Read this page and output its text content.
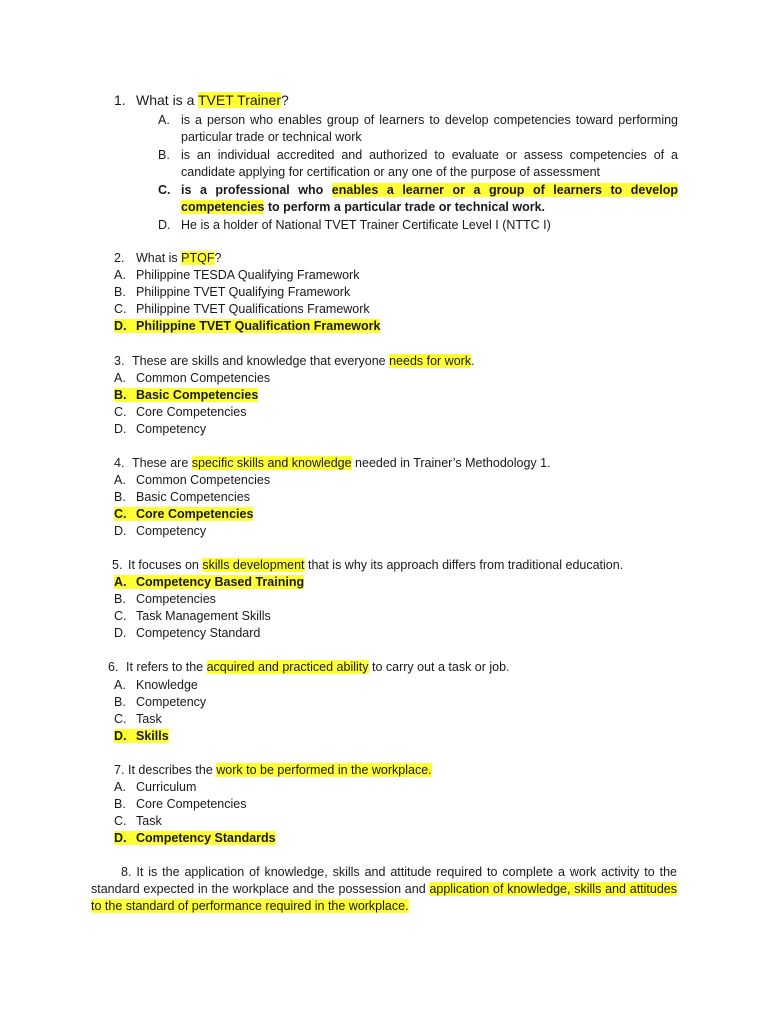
1. What is a TVET Trainer?
A. is a person who enables group of learners to develop competencies toward performing particular trade or technical work
B. is an individual accredited and authorized to evaluate or assess competencies of a candidate applying for certification or any one of the purpose of assessment
C. is a professional who enables a learner or a group of learners to develop competencies to perform a particular trade or technical work.
D. He is a holder of National TVET Trainer Certificate Level I (NTTC I)
2. What is PTQF?
A. Philippine TESDA Qualifying Framework
B. Philippine TVET Qualifying Framework
C. Philippine TVET Qualifications Framework
D. Philippine TVET Qualification Framework
3. These are skills and knowledge that everyone needs for work.
A. Common Competencies
B. Basic Competencies
C. Core Competencies
D. Competency
4. These are specific skills and knowledge needed in Trainer’s Methodology 1.
A. Common Competencies
B. Basic Competencies
C. Core Competencies
D. Competency
5. It focuses on skills development that is why its approach differs from traditional education.
A. Competency Based Training
B. Competencies
C. Task Management Skills
D. Competency Standard
6. It refers to the acquired and practiced ability to carry out a task or job.
A. Knowledge
B. Competency
C. Task
D. Skills
7. It describes the work to be performed in the workplace.
A. Curriculum
B. Core Competencies
C. Task
D. Competency Standards
8. It is the application of knowledge, skills and attitude required to complete a work activity to the standard expected in the workplace and the possession and application of knowledge, skills and attitudes to the standard of performance required in the workplace.
